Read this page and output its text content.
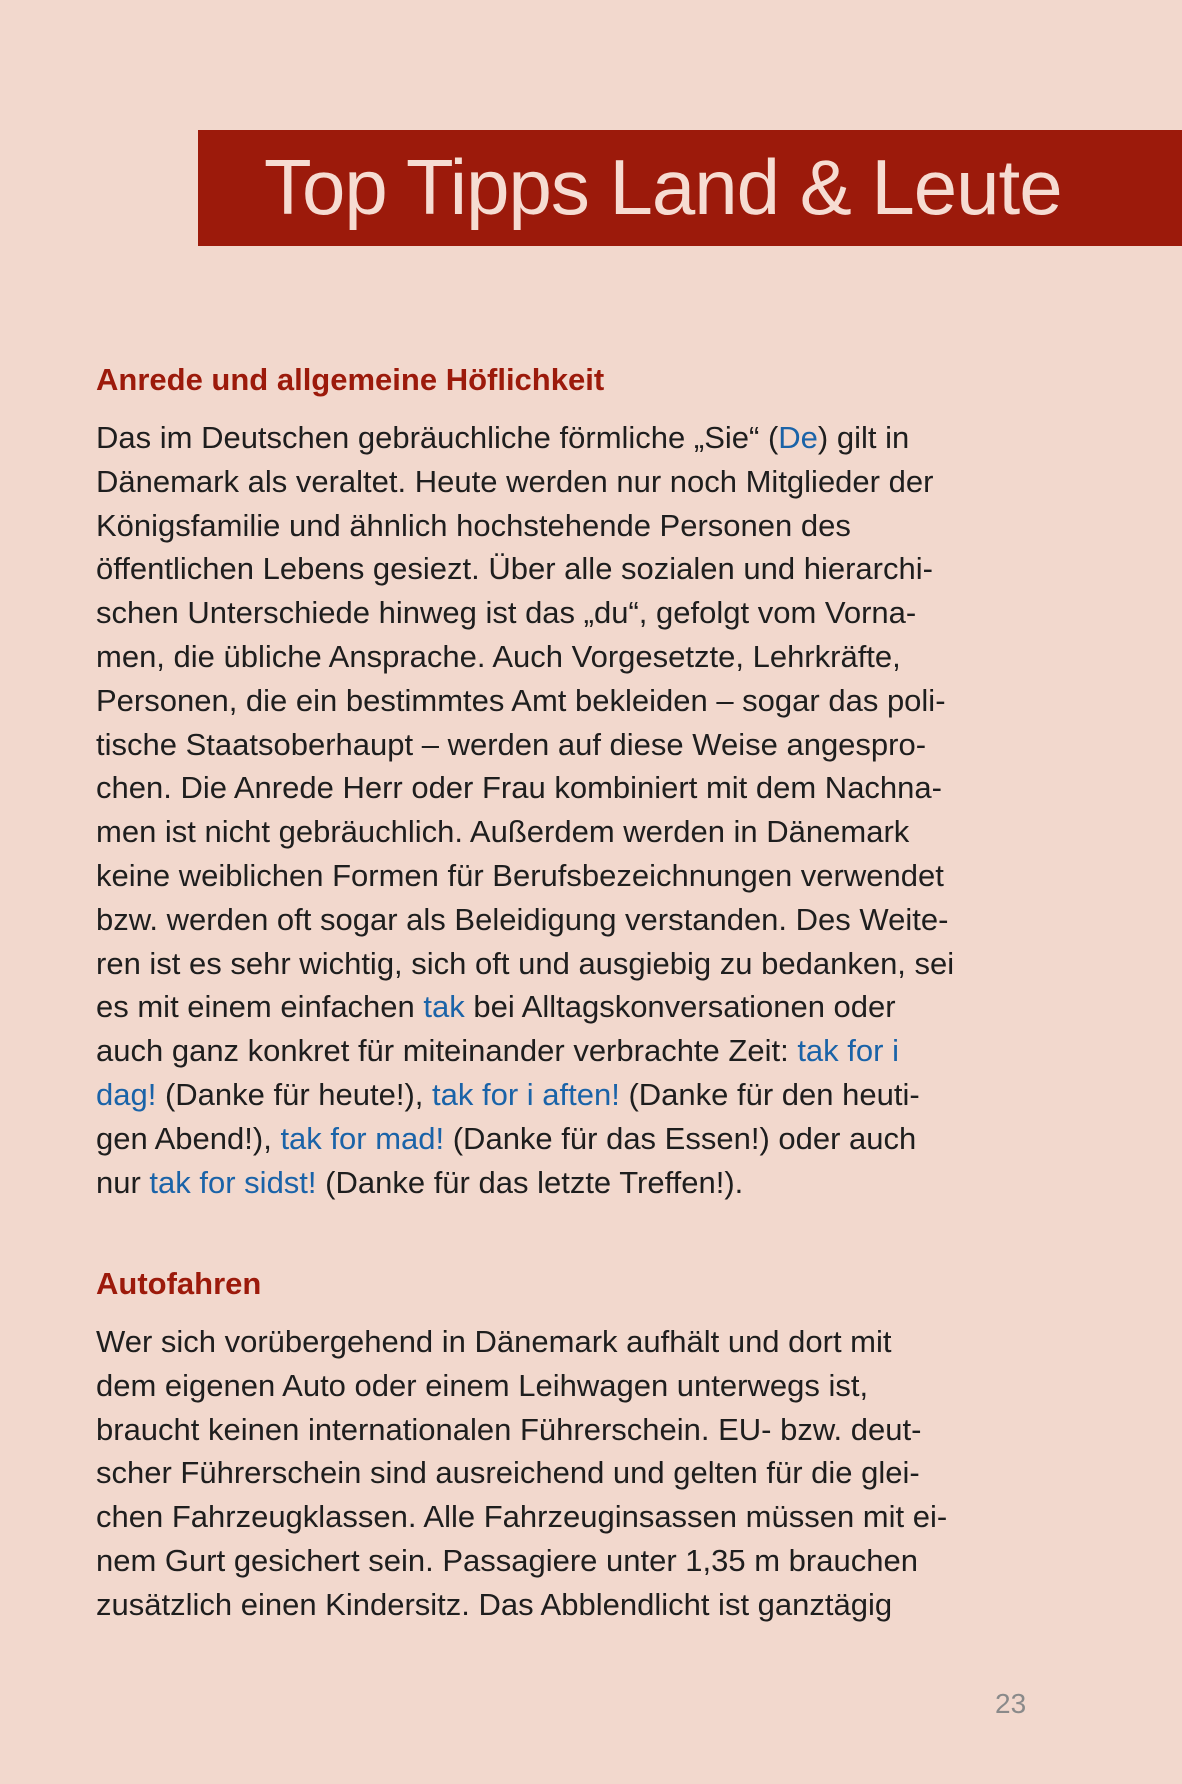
Top Tipps Land & Leute
Anrede und allgemeine Höflichkeit
Das im Deutschen gebräuchliche förmliche „Sie“ (De) gilt in
Dänemark als veraltet. Heute werden nur noch Mitglieder der
Königsfamilie und ähnlich hochstehende Personen des
öffentlichen Lebens gesiezt. Über alle sozialen und hierarchi-
schen Unterschiede hinweg ist das „du“, gefolgt vom Vorna-
men, die übliche Ansprache. Auch Vorgesetzte, Lehrkräfte,
Personen, die ein bestimmtes Amt bekleiden – sogar das poli-
tische Staatsoberhaupt – werden auf diese Weise angespro-
chen. Die Anrede Herr oder Frau kombiniert mit dem Nachna-
men ist nicht gebräuchlich. Außerdem werden in Dänemark
keine weiblichen Formen für Berufsbezeichnungen verwendet
bzw. werden oft sogar als Beleidigung verstanden. Des Weite-
ren ist es sehr wichtig, sich oft und ausgiebig zu bedanken, sei
es mit einem einfachen tak bei Alltagskonversationen oder
auch ganz konkret für miteinander verbrachte Zeit: tak for i
dag! (Danke für heute!), tak for i aften! (Danke für den heuti-
gen Abend!), tak for mad! (Danke für das Essen!) oder auch
nur tak for sidst! (Danke für das letzte Treffen!).
Autofahren
Wer sich vorübergehend in Dänemark aufhält und dort mit
dem eigenen Auto oder einem Leihwagen unterwegs ist,
braucht keinen internationalen Führerschein. EU- bzw. deut-
scher Führerschein sind ausreichend und gelten für die glei-
chen Fahrzeugklassen. Alle Fahrzeuginsassen müssen mit ei-
nem Gurt gesichert sein. Passagiere unter 1,35 m brauchen
zusätzlich einen Kindersitz. Das Abblendlicht ist ganztägig
23
